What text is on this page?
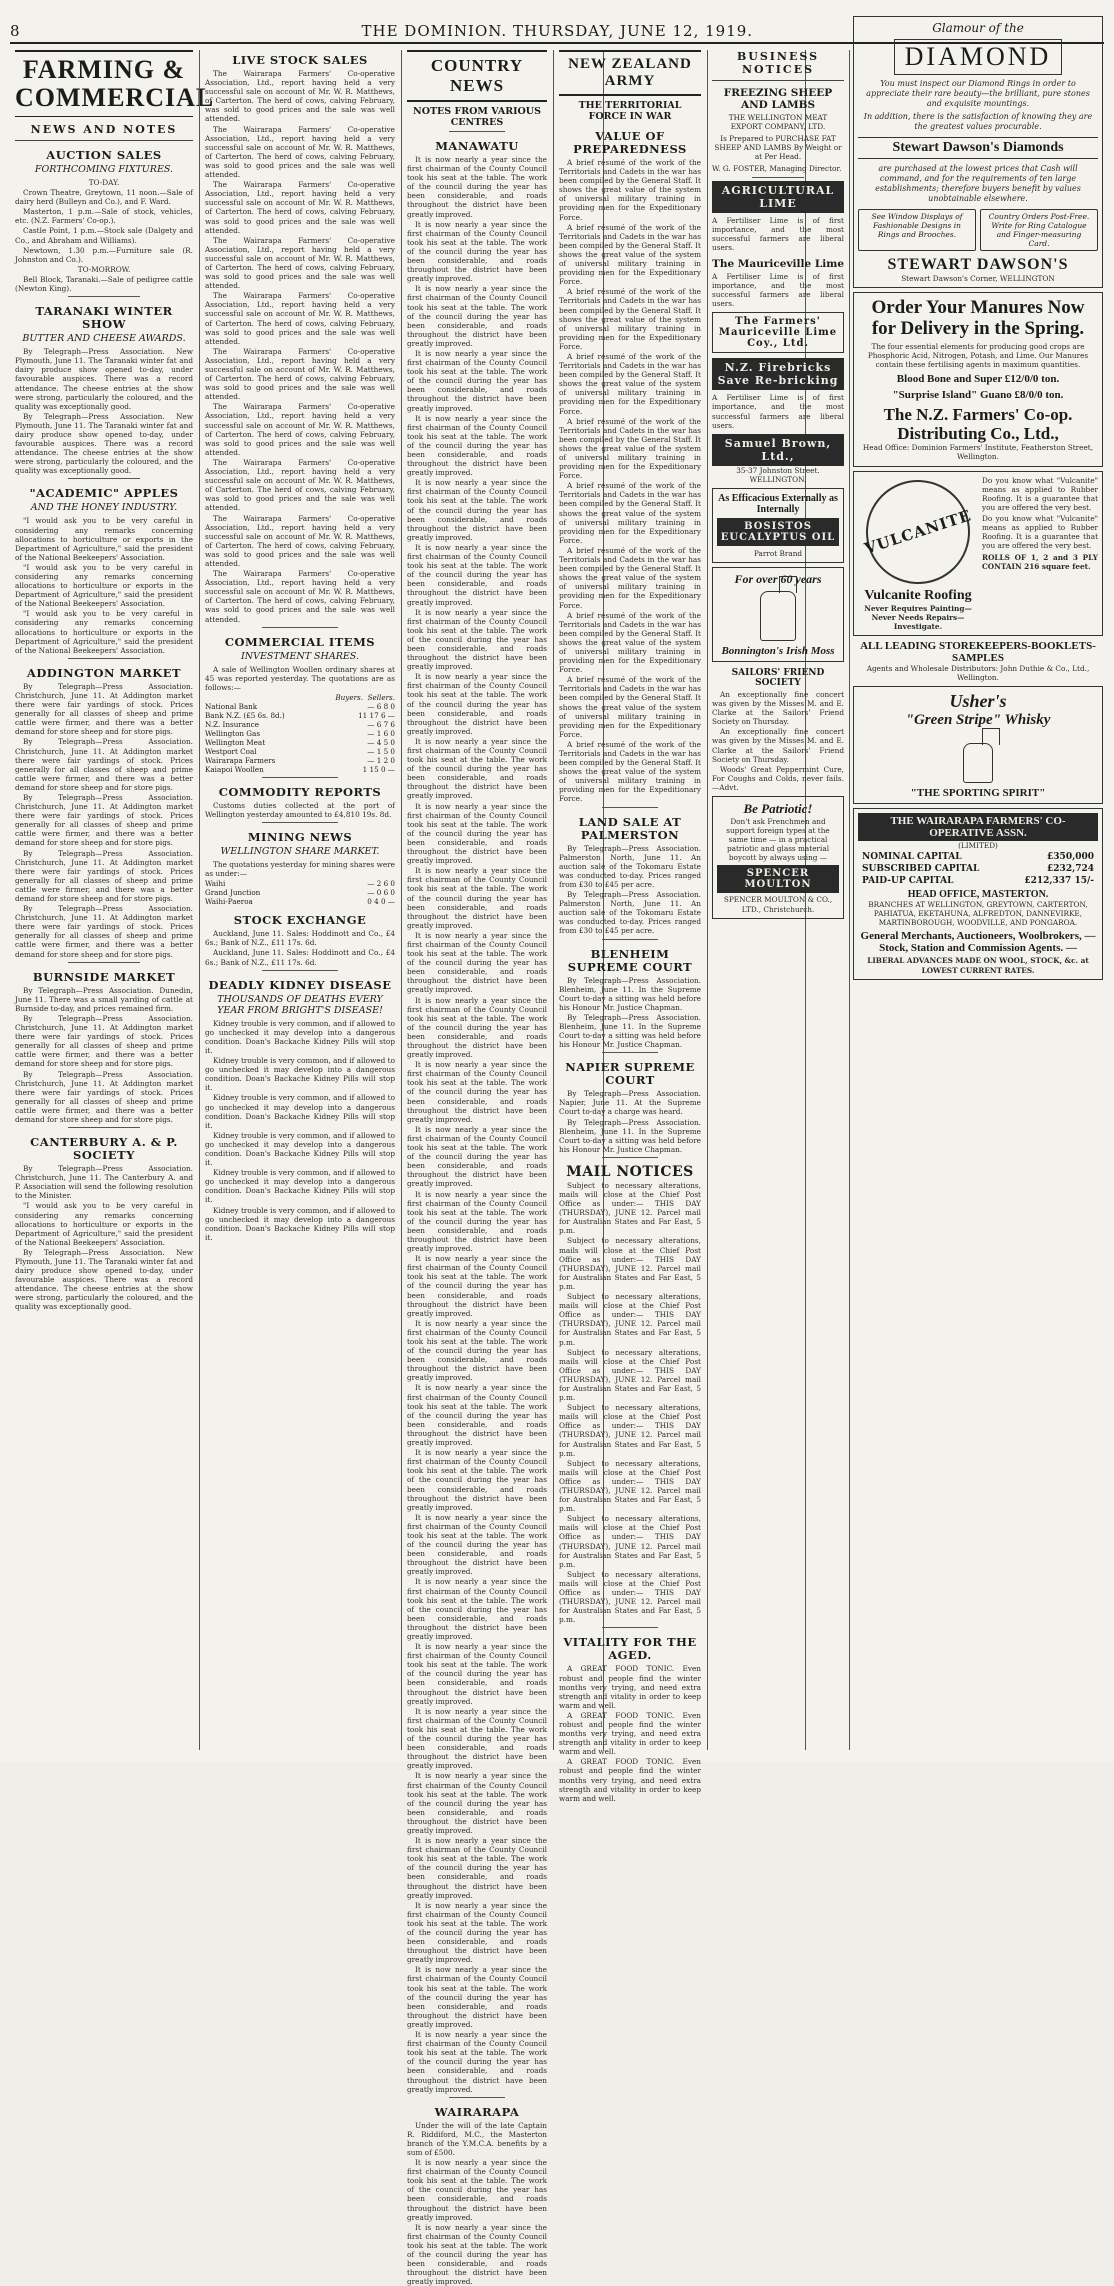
8	THE DOMINION. THURSDAY, JUNE 12, 1919.
FARMING & COMMERCIAL
NEWS AND NOTES
AUCTION SALES
FORTHCOMING FIXTURES.

TO-DAY.

Crown Theatre, Greytown, 11 noon.—Sale of dairy herd (Bulleyn and Co.), and F. Ward.

Masterton, 1 p.m.—Sale of stock, vehicles, etc. (N.Z. Farmers' Co-op.).

Castle Point, 1 p.m.—Stock sale (Dalgety and Co., and Abraham and Williams).

Newtown, 1.30 p.m.—Furniture sale (R. Johnston and Co.).

TO-MORROW.

Bell Block, Taranaki.—Sale of pedigree cattle (Newton King).

TARANAKI WINTER SHOW
BUTTER AND CHEESE AWARDS.

By Telegraph—Press Association. New Plymouth, June 11. The Taranaki winter fat and dairy produce show opened to-day, under favourable auspices. There was a record attendance. The cheese entries at the show were strong, particularly the coloured, and the quality was exceptionally good.

By Telegraph—Press Association. New Plymouth, June 11. The Taranaki winter fat and dairy produce show opened to-day, under favourable auspices. There was a record attendance. The cheese entries at the show were strong, particularly the coloured, and the quality was exceptionally good.

"ACADEMIC" APPLES
AND THE HONEY INDUSTRY.

"I would ask you to be very careful in considering any remarks concerning allocations to horticulture or exports in the Department of Agriculture," said the president of the National Beekeepers' Association.

"I would ask you to be very careful in considering any remarks concerning allocations to horticulture or exports in the Department of Agriculture," said the president of the National Beekeepers' Association.

"I would ask you to be very careful in considering any remarks concerning allocations to horticulture or exports in the Department of Agriculture," said the president of the National Beekeepers' Association.

ADDINGTON MARKET

By Telegraph—Press Association. Christchurch, June 11. At Addington market there were fair yardings of stock. Prices generally for all classes of sheep and prime cattle were firmer, and there was a better demand for store sheep and for store pigs.

By Telegraph—Press Association. Christchurch, June 11. At Addington market there were fair yardings of stock. Prices generally for all classes of sheep and prime cattle were firmer, and there was a better demand for store sheep and for store pigs.

By Telegraph—Press Association. Christchurch, June 11. At Addington market there were fair yardings of stock. Prices generally for all classes of sheep and prime cattle were firmer, and there was a better demand for store sheep and for store pigs.

By Telegraph—Press Association. Christchurch, June 11. At Addington market there were fair yardings of stock. Prices generally for all classes of sheep and prime cattle were firmer, and there was a better demand for store sheep and for store pigs.

By Telegraph—Press Association. Christchurch, June 11. At Addington market there were fair yardings of stock. Prices generally for all classes of sheep and prime cattle were firmer, and there was a better demand for store sheep and for store pigs.

BURNSIDE MARKET

By Telegraph—Press Association. Dunedin, June 11. There was a small yarding of cattle at Burnside to-day, and prices remained firm.

By Telegraph—Press Association. Christchurch, June 11. At Addington market there were fair yardings of stock. Prices generally for all classes of sheep and prime cattle were firmer, and there was a better demand for store sheep and for store pigs.

By Telegraph—Press Association. Christchurch, June 11. At Addington market there were fair yardings of stock. Prices generally for all classes of sheep and prime cattle were firmer, and there was a better demand for store sheep and for store pigs.

CANTERBURY A. & P. SOCIETY

By Telegraph—Press Association. Christchurch, June 11. The Canterbury A. and P. Association will send the following resolution to the Minister.

"I would ask you to be very careful in considering any remarks concerning allocations to horticulture or exports in the Department of Agriculture," said the president of the National Beekeepers' Association.

By Telegraph—Press Association. New Plymouth, June 11. The Taranaki winter fat and dairy produce show opened to-day, under favourable auspices. There was a record attendance. The cheese entries at the show were strong, particularly the coloured, and the quality was exceptionally good.

LIVE STOCK SALES

The Wairarapa Farmers' Co-operative Association, Ltd., report having held a very successful sale on account of Mr. W. R. Matthews, of Carterton. The herd of cows, calving February, was sold to good prices and the sale was well attended.

The Wairarapa Farmers' Co-operative Association, Ltd., report having held a very successful sale on account of Mr. W. R. Matthews, of Carterton. The herd of cows, calving February, was sold to good prices and the sale was well attended.

The Wairarapa Farmers' Co-operative Association, Ltd., report having held a very successful sale on account of Mr. W. R. Matthews, of Carterton. The herd of cows, calving February, was sold to good prices and the sale was well attended.

The Wairarapa Farmers' Co-operative Association, Ltd., report having held a very successful sale on account of Mr. W. R. Matthews, of Carterton. The herd of cows, calving February, was sold to good prices and the sale was well attended.

The Wairarapa Farmers' Co-operative Association, Ltd., report having held a very successful sale on account of Mr. W. R. Matthews, of Carterton. The herd of cows, calving February, was sold to good prices and the sale was well attended.

The Wairarapa Farmers' Co-operative Association, Ltd., report having held a very successful sale on account of Mr. W. R. Matthews, of Carterton. The herd of cows, calving February, was sold to good prices and the sale was well attended.

The Wairarapa Farmers' Co-operative Association, Ltd., report having held a very successful sale on account of Mr. W. R. Matthews, of Carterton. The herd of cows, calving February, was sold to good prices and the sale was well attended.

The Wairarapa Farmers' Co-operative Association, Ltd., report having held a very successful sale on account of Mr. W. R. Matthews, of Carterton. The herd of cows, calving February, was sold to good prices and the sale was well attended.

The Wairarapa Farmers' Co-operative Association, Ltd., report having held a very successful sale on account of Mr. W. R. Matthews, of Carterton. The herd of cows, calving February, was sold to good prices and the sale was well attended.

The Wairarapa Farmers' Co-operative Association, Ltd., report having held a very successful sale on account of Mr. W. R. Matthews, of Carterton. The herd of cows, calving February, was sold to good prices and the sale was well attended.

COMMERCIAL ITEMS
INVESTMENT SHARES.

A sale of Wellington Woollen ordinary shares at 45 was reported yesterday. The quotations are as follows:—

Buyers. Sellers.
National Bank	— 6 8 0
Bank N.Z. (£5 6s. 8d.)	11 17 6 —
N.Z. Insurance	— 6 7 6
Wellington Gas	— 1 6 0
Wellington Meat	— 4 5 0
Westport Coal	— 1 5 0
Wairarapa Farmers	— 1 2 0
Kaiapoi Woollen	1 15 0 —
COMMODITY REPORTS

Customs duties collected at the port of Wellington yesterday amounted to £4,810 19s. 8d.

MINING NEWS
WELLINGTON SHARE MARKET.

The quotations yesterday for mining shares were as under:—

Waihi	— 2 6 0
Grand Junction	— 0 6 0
Waihi-Paeroa	0 4 0 —
STOCK EXCHANGE

Auckland, June 11. Sales: Hoddinott and Co., £4 6s.; Bank of N.Z., £11 17s. 6d.

Auckland, June 11. Sales: Hoddinott and Co., £4 6s.; Bank of N.Z., £11 17s. 6d.

DEADLY KIDNEY DISEASE
THOUSANDS OF DEATHS EVERY YEAR FROM BRIGHT'S DISEASE!

Kidney trouble is very common, and if allowed to go unchecked it may develop into a dangerous condition. Doan's Backache Kidney Pills will stop it.

Kidney trouble is very common, and if allowed to go unchecked it may develop into a dangerous condition. Doan's Backache Kidney Pills will stop it.

Kidney trouble is very common, and if allowed to go unchecked it may develop into a dangerous condition. Doan's Backache Kidney Pills will stop it.

Kidney trouble is very common, and if allowed to go unchecked it may develop into a dangerous condition. Doan's Backache Kidney Pills will stop it.

Kidney trouble is very common, and if allowed to go unchecked it may develop into a dangerous condition. Doan's Backache Kidney Pills will stop it.

Kidney trouble is very common, and if allowed to go unchecked it may develop into a dangerous condition. Doan's Backache Kidney Pills will stop it.

COUNTRY NEWS
NOTES FROM VARIOUS CENTRES
MANAWATU

It is now nearly a year since the first chairman of the County Council took his seat at the table. The work of the council during the year has been considerable, and roads throughout the district have been greatly improved.

It is now nearly a year since the first chairman of the County Council took his seat at the table. The work of the council during the year has been considerable, and roads throughout the district have been greatly improved.

It is now nearly a year since the first chairman of the County Council took his seat at the table. The work of the council during the year has been considerable, and roads throughout the district have been greatly improved.

It is now nearly a year since the first chairman of the County Council took his seat at the table. The work of the council during the year has been considerable, and roads throughout the district have been greatly improved.

It is now nearly a year since the first chairman of the County Council took his seat at the table. The work of the council during the year has been considerable, and roads throughout the district have been greatly improved.

It is now nearly a year since the first chairman of the County Council took his seat at the table. The work of the council during the year has been considerable, and roads throughout the district have been greatly improved.

It is now nearly a year since the first chairman of the County Council took his seat at the table. The work of the council during the year has been considerable, and roads throughout the district have been greatly improved.

It is now nearly a year since the first chairman of the County Council took his seat at the table. The work of the council during the year has been considerable, and roads throughout the district have been greatly improved.

It is now nearly a year since the first chairman of the County Council took his seat at the table. The work of the council during the year has been considerable, and roads throughout the district have been greatly improved.

It is now nearly a year since the first chairman of the County Council took his seat at the table. The work of the council during the year has been considerable, and roads throughout the district have been greatly improved.

It is now nearly a year since the first chairman of the County Council took his seat at the table. The work of the council during the year has been considerable, and roads throughout the district have been greatly improved.

It is now nearly a year since the first chairman of the County Council took his seat at the table. The work of the council during the year has been considerable, and roads throughout the district have been greatly improved.

It is now nearly a year since the first chairman of the County Council took his seat at the table. The work of the council during the year has been considerable, and roads throughout the district have been greatly improved.

It is now nearly a year since the first chairman of the County Council took his seat at the table. The work of the council during the year has been considerable, and roads throughout the district have been greatly improved.

It is now nearly a year since the first chairman of the County Council took his seat at the table. The work of the council during the year has been considerable, and roads throughout the district have been greatly improved.

It is now nearly a year since the first chairman of the County Council took his seat at the table. The work of the council during the year has been considerable, and roads throughout the district have been greatly improved.

It is now nearly a year since the first chairman of the County Council took his seat at the table. The work of the council during the year has been considerable, and roads throughout the district have been greatly improved.

It is now nearly a year since the first chairman of the County Council took his seat at the table. The work of the council during the year has been considerable, and roads throughout the district have been greatly improved.

It is now nearly a year since the first chairman of the County Council took his seat at the table. The work of the council during the year has been considerable, and roads throughout the district have been greatly improved.

It is now nearly a year since the first chairman of the County Council took his seat at the table. The work of the council during the year has been considerable, and roads throughout the district have been greatly improved.

It is now nearly a year since the first chairman of the County Council took his seat at the table. The work of the council during the year has been considerable, and roads throughout the district have been greatly improved.

It is now nearly a year since the first chairman of the County Council took his seat at the table. The work of the council during the year has been considerable, and roads throughout the district have been greatly improved.

It is now nearly a year since the first chairman of the County Council took his seat at the table. The work of the council during the year has been considerable, and roads throughout the district have been greatly improved.

It is now nearly a year since the first chairman of the County Council took his seat at the table. The work of the council during the year has been considerable, and roads throughout the district have been greatly improved.

It is now nearly a year since the first chairman of the County Council took his seat at the table. The work of the council during the year has been considerable, and roads throughout the district have been greatly improved.

It is now nearly a year since the first chairman of the County Council took his seat at the table. The work of the council during the year has been considerable, and roads throughout the district have been greatly improved.

It is now nearly a year since the first chairman of the County Council took his seat at the table. The work of the council during the year has been considerable, and roads throughout the district have been greatly improved.

It is now nearly a year since the first chairman of the County Council took his seat at the table. The work of the council during the year has been considerable, and roads throughout the district have been greatly improved.

It is now nearly a year since the first chairman of the County Council took his seat at the table. The work of the council during the year has been considerable, and roads throughout the district have been greatly improved.

It is now nearly a year since the first chairman of the County Council took his seat at the table. The work of the council during the year has been considerable, and roads throughout the district have been greatly improved.

WAIRARAPA

Under the will of the late Captain R. Riddiford, M.C., the Masterton branch of the Y.M.C.A. benefits by a sum of £500.

It is now nearly a year since the first chairman of the County Council took his seat at the table. The work of the council during the year has been considerable, and roads throughout the district have been greatly improved.

It is now nearly a year since the first chairman of the County Council took his seat at the table. The work of the council during the year has been considerable, and roads throughout the district have been greatly improved.

NEW ZEALAND ARMY
THE TERRITORIAL FORCE IN WAR
VALUE OF PREPAREDNESS

A brief résumé of the work of the Territorials and Cadets in the war has been compiled by the General Staff. It shows the great value of the system of universal military training in providing men for the Expeditionary Force.

A brief résumé of the work of the Territorials and Cadets in the war has been compiled by the General Staff. It shows the great value of the system of universal military training in providing men for the Expeditionary Force.

A brief résumé of the work of the Territorials and Cadets in the war has been compiled by the General Staff. It shows the great value of the system of universal military training in providing men for the Expeditionary Force.

A brief résumé of the work of the Territorials and Cadets in the war has been compiled by the General Staff. It shows the great value of the system of universal military training in providing men for the Expeditionary Force.

A brief résumé of the work of the Territorials and Cadets in the war has been compiled by the General Staff. It shows the great value of the system of universal military training in providing men for the Expeditionary Force.

A brief résumé of the work of the Territorials and Cadets in the war has been compiled by the General Staff. It shows the great value of the system of universal military training in providing men for the Expeditionary Force.

A brief résumé of the work of the Territorials and Cadets in the war has been compiled by the General Staff. It shows the great value of the system of universal military training in providing men for the Expeditionary Force.

A brief résumé of the work of the Territorials and Cadets in the war has been compiled by the General Staff. It shows the great value of the system of universal military training in providing men for the Expeditionary Force.

A brief résumé of the work of the Territorials and Cadets in the war has been compiled by the General Staff. It shows the great value of the system of universal military training in providing men for the Expeditionary Force.

A brief résumé of the work of the Territorials and Cadets in the war has been compiled by the General Staff. It shows the great value of the system of universal military training in providing men for the Expeditionary Force.

LAND SALE AT PALMERSTON

By Telegraph—Press Association. Palmerston North, June 11. An auction sale of the Tokomaru Estate was conducted to-day. Prices ranged from £30 to £45 per acre.

By Telegraph—Press Association. Palmerston North, June 11. An auction sale of the Tokomaru Estate was conducted to-day. Prices ranged from £30 to £45 per acre.

BLENHEIM SUPREME COURT

By Telegraph—Press Association. Blenheim, June 11. In the Supreme Court to-day a sitting was held before his Honour Mr. Justice Chapman.

By Telegraph—Press Association. Blenheim, June 11. In the Supreme Court to-day a sitting was held before his Honour Mr. Justice Chapman.

NAPIER SUPREME COURT

By Telegraph—Press Association. Napier, June 11. At the Supreme Court to-day a charge was heard.

By Telegraph—Press Association. Blenheim, June 11. In the Supreme Court to-day a sitting was held before his Honour Mr. Justice Chapman.

MAIL NOTICES

Subject to necessary alterations, mails will close at the Chief Post Office as under:— THIS DAY (THURSDAY), JUNE 12. Parcel mail for Australian States and Far East, 5 p.m.

Subject to necessary alterations, mails will close at the Chief Post Office as under:— THIS DAY (THURSDAY), JUNE 12. Parcel mail for Australian States and Far East, 5 p.m.

Subject to necessary alterations, mails will close at the Chief Post Office as under:— THIS DAY (THURSDAY), JUNE 12. Parcel mail for Australian States and Far East, 5 p.m.

Subject to necessary alterations, mails will close at the Chief Post Office as under:— THIS DAY (THURSDAY), JUNE 12. Parcel mail for Australian States and Far East, 5 p.m.

Subject to necessary alterations, mails will close at the Chief Post Office as under:— THIS DAY (THURSDAY), JUNE 12. Parcel mail for Australian States and Far East, 5 p.m.

Subject to necessary alterations, mails will close at the Chief Post Office as under:— THIS DAY (THURSDAY), JUNE 12. Parcel mail for Australian States and Far East, 5 p.m.

Subject to necessary alterations, mails will close at the Chief Post Office as under:— THIS DAY (THURSDAY), JUNE 12. Parcel mail for Australian States and Far East, 5 p.m.

Subject to necessary alterations, mails will close at the Chief Post Office as under:— THIS DAY (THURSDAY), JUNE 12. Parcel mail for Australian States and Far East, 5 p.m.

VITALITY FOR THE AGED.

A GREAT FOOD TONIC. Even robust and people find the winter months very trying, and need extra strength and vitality in order to keep warm and well.

A GREAT FOOD TONIC. Even robust and people find the winter months very trying, and need extra strength and vitality in order to keep warm and well.

A GREAT FOOD TONIC. Even robust and people find the winter months very trying, and need extra strength and vitality in order to keep warm and well.

BUSINESS NOTICES
FREEZING SHEEP AND LAMBS
THE WELLINGTON MEAT EXPORT COMPANY, LTD.
Is Prepared to PURCHASE FAT SHEEP AND LAMBS By Weight or at Per Head.
W. G. FOSTER, Managing Director.
AGRICULTURAL LIME
A Fertiliser Lime is of first importance, and the most successful farmers are liberal users.
The Mauriceville Lime
A Fertiliser Lime is of first importance, and the most successful farmers are liberal users.
The Farmers' Mauriceville Lime Coy., Ltd.
N.Z. Firebricks Save Re-bricking
A Fertiliser Lime is of first importance, and the most successful farmers are liberal users.
Samuel Brown, Ltd.,
35-37 Johnston Street. WELLINGTON.
As Efficacious Externally as Internally
BOSISTOS EUCALYPTUS OIL
Parrot Brand
For over 60 years
Bonnington's Irish Moss
SAILORS' FRIEND SOCIETY

An exceptionally fine concert was given by the Misses M. and E. Clarke at the Sailors' Friend Society on Thursday.

An exceptionally fine concert was given by the Misses M. and E. Clarke at the Sailors' Friend Society on Thursday.

Woods' Great Peppermint Cure, For Coughs and Colds, never fails.—Advt.

Be Patriotic!
Don't ask Frenchmen and support foreign types at the same time — in a practical patriotic and glass material boycott by always using —
SPENCER MOULTON
SPENCER MOULTON & CO., LTD., Christchurch.
Glamour of the
DIAMOND
You must inspect our Diamond Rings in order to appreciate their rare beauty—the brilliant, pure stones and exquisite mountings.
In addition, there is the satisfaction of knowing they are the greatest values procurable.
Stewart Dawson's Diamonds
are purchased at the lowest prices that Cash will command, and for the requirements of ten large establishments; therefore buyers benefit by values unobtainable elsewhere.
See Window Displays of Fashionable Designs in Rings and Brooches.
Country Orders Post-Free. Write for Ring Catalogue and Finger-measuring Card.
STEWART DAWSON'S
Stewart Dawson's Corner, WELLINGTON
Order Your Manures Now for Delivery in the Spring.
The four essential elements for producing good crops are Phosphoric Acid, Nitrogen, Potash, and Lime. Our Manures contain these fertilising agents in maximum quantities.
Blood Bone and Super £12/0/0 ton.
"Surprise Island" Guano £8/0/0 ton.
The N.Z. Farmers' Co-op. Distributing Co., Ltd.,
Head Office: Dominion Farmers' Institute, Featherston Street, Wellington.
VULCANITE
Vulcanite Roofing
Never Requires Painting—Never Needs Repairs—Investigate.
Do you know what "Vulcanite" means as applied to Rubber Roofing. It is a guarantee that you are offered the very best.
Do you know what "Vulcanite" means as applied to Rubber Roofing. It is a guarantee that you are offered the very best.
ROLLS OF 1, 2 and 3 PLY CONTAIN 216 square feet.
ALL LEADING STOREKEEPERS-BOOKLETS-SAMPLES
Agents and Wholesale Distributors: John Duthie & Co., Ltd., Wellington.
Usher's
"Green Stripe" Whisky
"THE SPORTING SPIRIT"
THE WAIRARAPA FARMERS' CO-OPERATIVE ASSN.
(LIMITED)
NOMINAL CAPITAL	£350,000
SUBSCRIBED CAPITAL	£232,724
PAID-UP CAPITAL	£212,337 15/-
HEAD OFFICE, MASTERTON.
BRANCHES AT WELLINGTON, GREYTOWN, CARTERTON, PAHIATUA, EKETAHUNA, ALFREDTON, DANNEVIRKE, MARTINBOROUGH, WOODVILLE, AND PONGAROA.
General Merchants, Auctioneers, Woolbrokers, — Stock, Station and Commission Agents. —
LIBERAL ADVANCES MADE ON WOOL, STOCK, &c. at LOWEST CURRENT RATES.
